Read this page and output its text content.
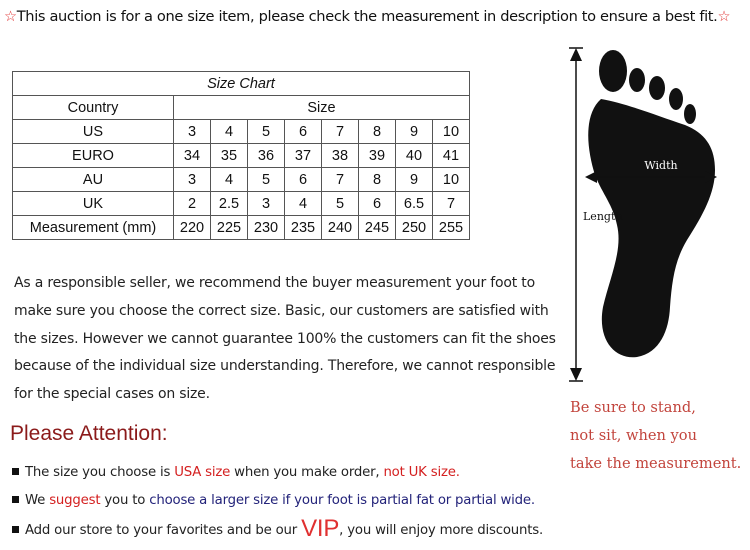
☆This auction is for a one size item, please check the measurement in description to ensure a best fit.☆
Size Chart								
Country	Size							
US	3	4	5	6	7	8	9	10
EURO	34	35	36	37	38	39	40	41
AU	3	4	5	6	7	8	9	10
UK	2	2.5	3	4	5	6	6.5	7
Measurement (mm)	220	225	230	235	240	245	250	255
As a responsible seller, we recommend the buyer measurement your foot to make sure you choose the correct size. Basic, our customers are satisfied with the sizes. However we cannot guarantee 100% the customers can fit the shoes because of the individual size understanding. Therefore, we cannot responsible for the special cases on size.
Please Attention:
The size you choose is USA size when you make order, not UK size.
We suggest you to choose a larger size if your foot is partial fat or partial wide.
Add our store to your favorites and be our VIP, you will enjoy more discounts.
Width
Length
Be sure to stand,
not sit, when you
take the measurement.
